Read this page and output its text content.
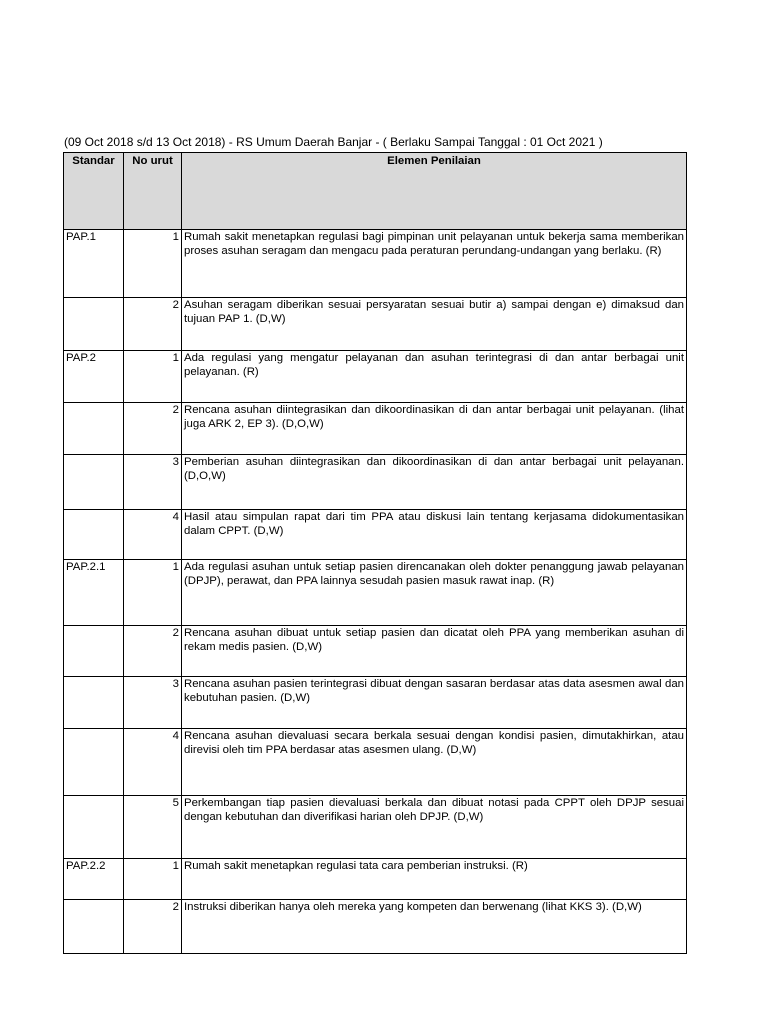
(09 Oct 2018 s/d 13 Oct 2018) - RS Umum Daerah Banjar - ( Berlaku Sampai Tanggal : 01 Oct 2021 )
Standar	No urut	Elemen Penilaian
PAP.1	1	Rumah sakit menetapkan regulasi bagi pimpinan unit pelayanan untuk bekerja sama memberikan proses asuhan seragam dan mengacu pada peraturan perundang-undangan yang berlaku. (R)
	2	Asuhan seragam diberikan sesuai persyaratan sesuai butir a) sampai dengan e) dimaksud dan tujuan PAP 1. (D,W)
PAP.2	1	Ada regulasi yang mengatur pelayanan dan asuhan terintegrasi di dan antar berbagai unit pelayanan. (R)
	2	Rencana asuhan diintegrasikan dan dikoordinasikan di dan antar berbagai unit pelayanan. (lihat juga ARK 2, EP 3). (D,O,W)
	3	Pemberian asuhan diintegrasikan dan dikoordinasikan di dan antar berbagai unit pelayanan. (D,O,W)
	4	Hasil atau simpulan rapat dari tim PPA atau diskusi lain tentang kerjasama didokumentasikan dalam CPPT. (D,W)
PAP.2.1	1	Ada regulasi asuhan untuk setiap pasien direncanakan oleh dokter penanggung jawab pelayanan (DPJP), perawat, dan PPA lainnya sesudah pasien masuk rawat inap. (R)
	2	Rencana asuhan dibuat untuk setiap pasien dan dicatat oleh PPA yang memberikan asuhan di rekam medis pasien. (D,W)
	3	Rencana asuhan pasien terintegrasi dibuat dengan sasaran berdasar atas data asesmen awal dan kebutuhan pasien. (D,W)
	4	Rencana asuhan dievaluasi secara berkala sesuai dengan kondisi pasien, dimutakhirkan, atau direvisi oleh tim PPA berdasar atas asesmen ulang. (D,W)
	5	Perkembangan tiap pasien dievaluasi berkala dan dibuat notasi pada CPPT oleh DPJP sesuai dengan kebutuhan dan diverifikasi harian oleh DPJP. (D,W)
PAP.2.2	1	Rumah sakit menetapkan regulasi tata cara pemberian instruksi. (R)
	2	Instruksi diberikan hanya oleh mereka yang kompeten dan berwenang (lihat KKS 3). (D,W)
